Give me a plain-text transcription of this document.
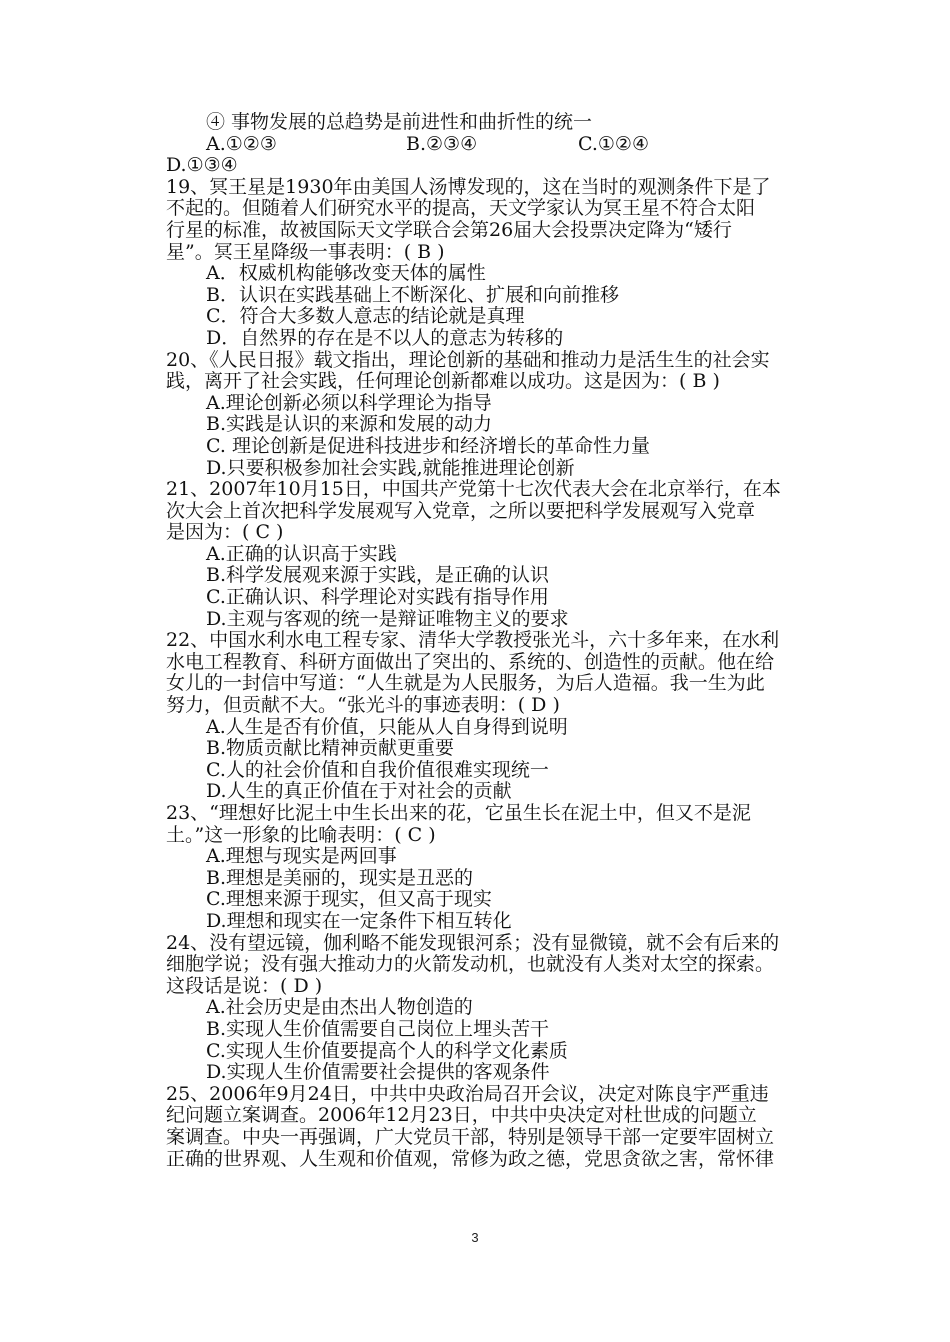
④ 事物发展的总趋势是前进性和曲折性的统一
A.①②③	B.②③④	C.①②④
D.①③④
19、冥王星是1930年由美国人汤博发现的，这在当时的观测条件下是了
不起的。但随着人们研究水平的提高，天文学家认为冥王星不符合太阳
行星的标准，故被国际天文学联合会第26届大会投票决定降为“矮行
星”。冥王星降级一事表明：( B )
A．权威机构能够改变天体的属性
B．认识在实践基础上不断深化、扩展和向前推移
C．符合大多数人意志的结论就是真理
D．自然界的存在是不以人的意志为转移的
20、《人民日报》载文指出，理论创新的基础和推动力是活生生的社会实
践，离开了社会实践，任何理论创新都难以成功。这是因为：( B )
A.理论创新必须以科学理论为指导
B.实践是认识的来源和发展的动力
C. 理论创新是促进科技进步和经济增长的革命性力量
D.只要积极参加社会实践,就能推进理论创新
21、2007年10月15日，中国共产党第十七次代表大会在北京举行，在本
次大会上首次把科学发展观写入党章，之所以要把科学发展观写入党章
是因为：( C )
A.正确的认识高于实践
B.科学发展观来源于实践，是正确的认识
C.正确认识、科学理论对实践有指导作用
D.主观与客观的统一是辩证唯物主义的要求
22、中国水利水电工程专家、清华大学教授张光斗，六十多年来，在水利
水电工程教育、科研方面做出了突出的、系统的、创造性的贡献。他在给
女儿的一封信中写道：“人生就是为人民服务，为后人造福。我一生为此
努力，但贡献不大。“张光斗的事迹表明：( D )
A.人生是否有价值，只能从人自身得到说明
B.物质贡献比精神贡献更重要
C.人的社会价值和自我价值很难实现统一
D.人生的真正价值在于对社会的贡献
23、“理想好比泥土中生长出来的花，它虽生长在泥土中，但又不是泥
土。”这一形象的比喻表明：( C )
A.理想与现实是两回事
B.理想是美丽的，现实是丑恶的
C.理想来源于现实，但又高于现实
D.理想和现实在一定条件下相互转化
24、没有望远镜，伽利略不能发现银河系；没有显微镜，就不会有后来的
细胞学说；没有强大推动力的火箭发动机，也就没有人类对太空的探索。
这段话是说：( D )
A.社会历史是由杰出人物创造的
B.实现人生价值需要自己岗位上埋头苦干
C.实现人生价值要提高个人的科学文化素质
D.实现人生价值需要社会提供的客观条件
25、2006年9月24日，中共中央政治局召开会议，决定对陈良宇严重违
纪问题立案调查。2006年12月23日，中共中央决定对杜世成的问题立
案调查。中央一再强调，广大党员干部，特别是领导干部一定要牢固树立
正确的世界观、人生观和价值观，常修为政之德，党思贪欲之害，常怀律
3
